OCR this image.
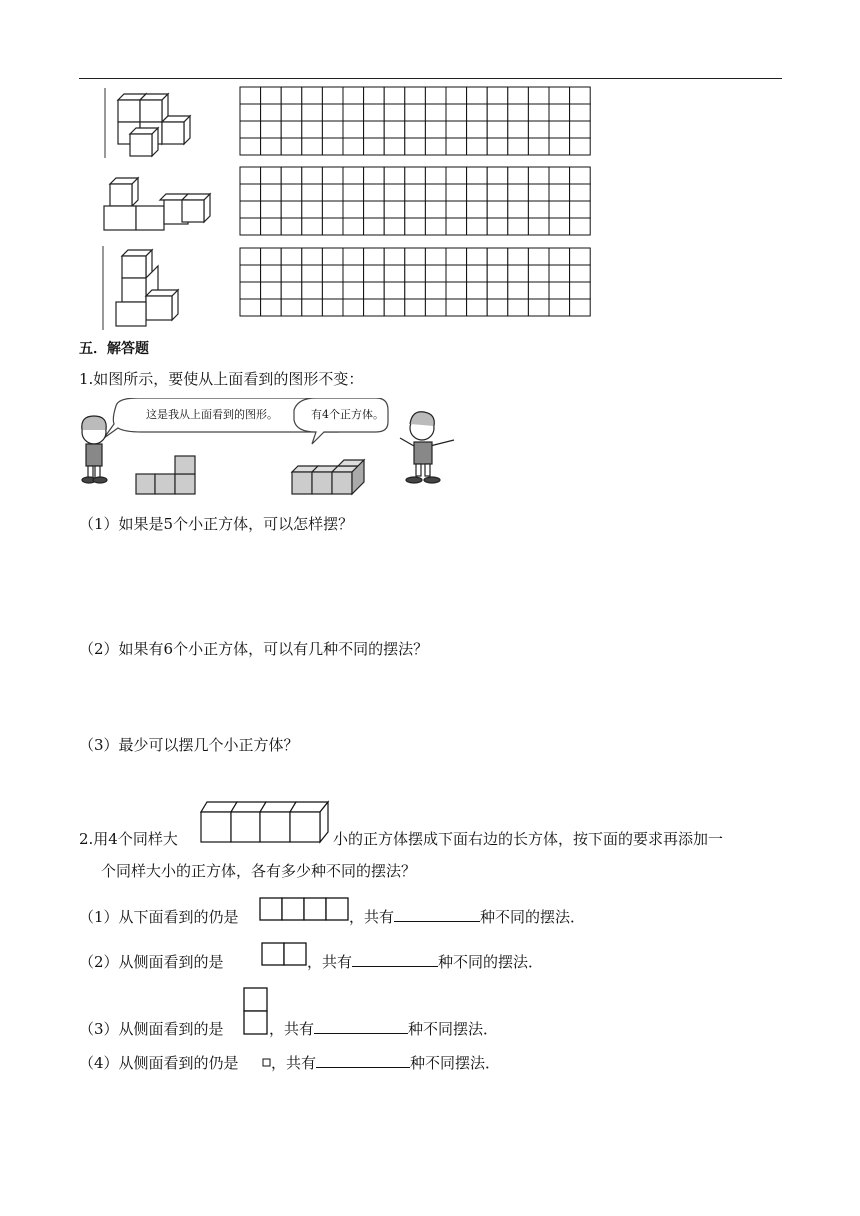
五．解答题
1.如图所示，要使从上面看到的图形不变：
这是我从上面看到的图形。	有4个正方体。
（1）如果是5个小正方体，可以怎样摆？
（2）如果有6个小正方体，可以有几种不同的摆法？
（3）最少可以摆几个小正方体？
2.用4个同样大	小的正方体摆成下面右边的长方体，按下面的要求再添加一
个同样大小的正方体，各有多少种不同的摆法？
（1）从下面看到的仍是	，共有	种不同的摆法．
（2）从侧面看到的是	，共有	种不同的摆法．
（3）从侧面看到的是	，共有	种不同摆法．
（4）从侧面看到的仍是 ，共有	种不同摆法．
